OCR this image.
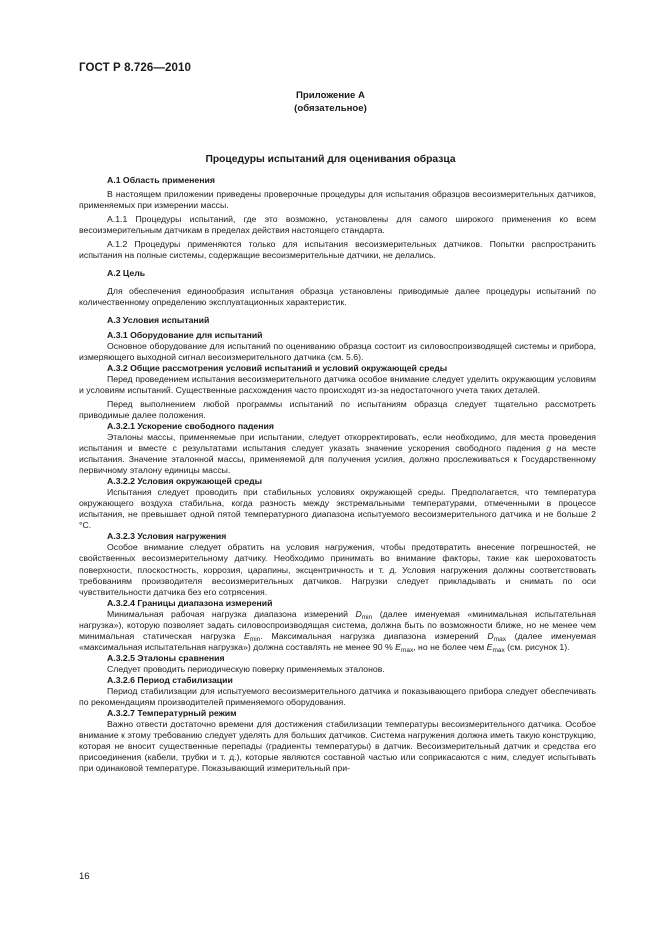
ГОСТ Р 8.726—2010
Приложение А
(обязательное)
Процедуры испытаний для оценивания образца

А.1 Область применения

В настоящем приложении приведены проверочные процедуры для испытания образцов весоизмерительных датчиков, применяемых при измерении массы.

А.1.1 Процедуры испытаний, где это возможно, установлены для самого широкого применения ко всем весоизмерительным датчикам в пределах действия настоящего стандарта.

А.1.2 Процедуры применяются только для испытания весоизмерительных датчиков. Попытки распространить испытания на полные системы, содержащие весоизмерительные датчики, не делались.

А.2 Цель

Для обеспечения единообразия испытания образца установлены приводимые далее процедуры испытаний по количественному определению эксплуатационных характеристик.

А.3 Условия испытаний

А.3.1 Оборудование для испытаний

Основное оборудование для испытаний по оцениванию образца состоит из силовоспроизводящей системы и прибора, измеряющего выходной сигнал весоизмерительного датчика (см. 5.6).

А.3.2 Общие рассмотрения условий испытаний и условий окружающей среды

Перед проведением испытания весоизмерительного датчика особое внимание следует уделить окружающим условиям и условиям испытаний. Существенные расхождения часто происходят из-за недостаточного учета таких деталей.

Перед выполнением любой программы испытаний по испытаниям образца следует тщательно рассмотреть приводимые далее положения.

А.3.2.1 Ускорение свободного падения

Эталоны массы, применяемые при испытании, следует откорректировать, если необходимо, для места проведения испытания и вместе с результатами испытания следует указать значение ускорения свободного падения g на месте испытания. Значение эталонной массы, применяемой для получения усилия, должно прослеживаться к Государственному первичному эталону единицы массы.

А.3.2.2 Условия окружающей среды

Испытания следует проводить при стабильных условиях окружающей среды. Предполагается, что температура окружающего воздуха стабильна, когда разность между экстремальными температурами, отмеченными в процессе испытания, не превышает одной пятой температурного диапазона испытуемого весоизмерительного датчика и не больше 2 °С.

А.3.2.3 Условия нагружения

Особое внимание следует обратить на условия нагружения, чтобы предотвратить внесение погрешностей, не свойственных весоизмерительному датчику. Необходимо принимать во внимание факторы, такие как шероховатость поверхности, плоскостность, коррозия, царапины, эксцентричность и т. д. Условия нагружения должны соответствовать требованиям производителя весоизмерительных датчиков. Нагрузки следует прикладывать и снимать по оси чувствительности датчика без его сотрясения.

А.3.2.4 Границы диапазона измерений

Минимальная рабочая нагрузка диапазона измерений $D_{min}$ (далее именуемая «минимальная испытательная нагрузка»), которую позволяет задать силовоспроизводящая система, должна быть по возможности ближе, но не менее чем минимальная статическая нагрузка $E_{min}$. Максимальная нагрузка диапазона измерений $D_{max}$ (далее именуемая «максимальная испытательная нагрузка») должна составлять не менее 90 % $E_{max}$, но не более чем $E_{max}$ (см. рисунок 1).

А.3.2.5 Эталоны сравнения

Следует проводить периодическую поверку применяемых эталонов.

А.3.2.6 Период стабилизации

Период стабилизации для испытуемого весоизмерительного датчика и показывающего прибора следует обеспечивать по рекомендациям производителей применяемого оборудования.

А.3.2.7 Температурный режим

Важно отвести достаточно времени для достижения стабилизации температуры весоизмерительного датчика. Особое внимание к этому требованию следует уделять для больших датчиков. Система нагружения должна иметь такую конструкцию, которая не вносит существенные перепады (градиенты температуры) в датчик. Весоизмерительный датчик и средства его присоединения (кабели, трубки и т. д.), которые являются составной частью или соприкасаются с ним, следует испытывать при одинаковой температуре. Показывающий измерительный при-

16
